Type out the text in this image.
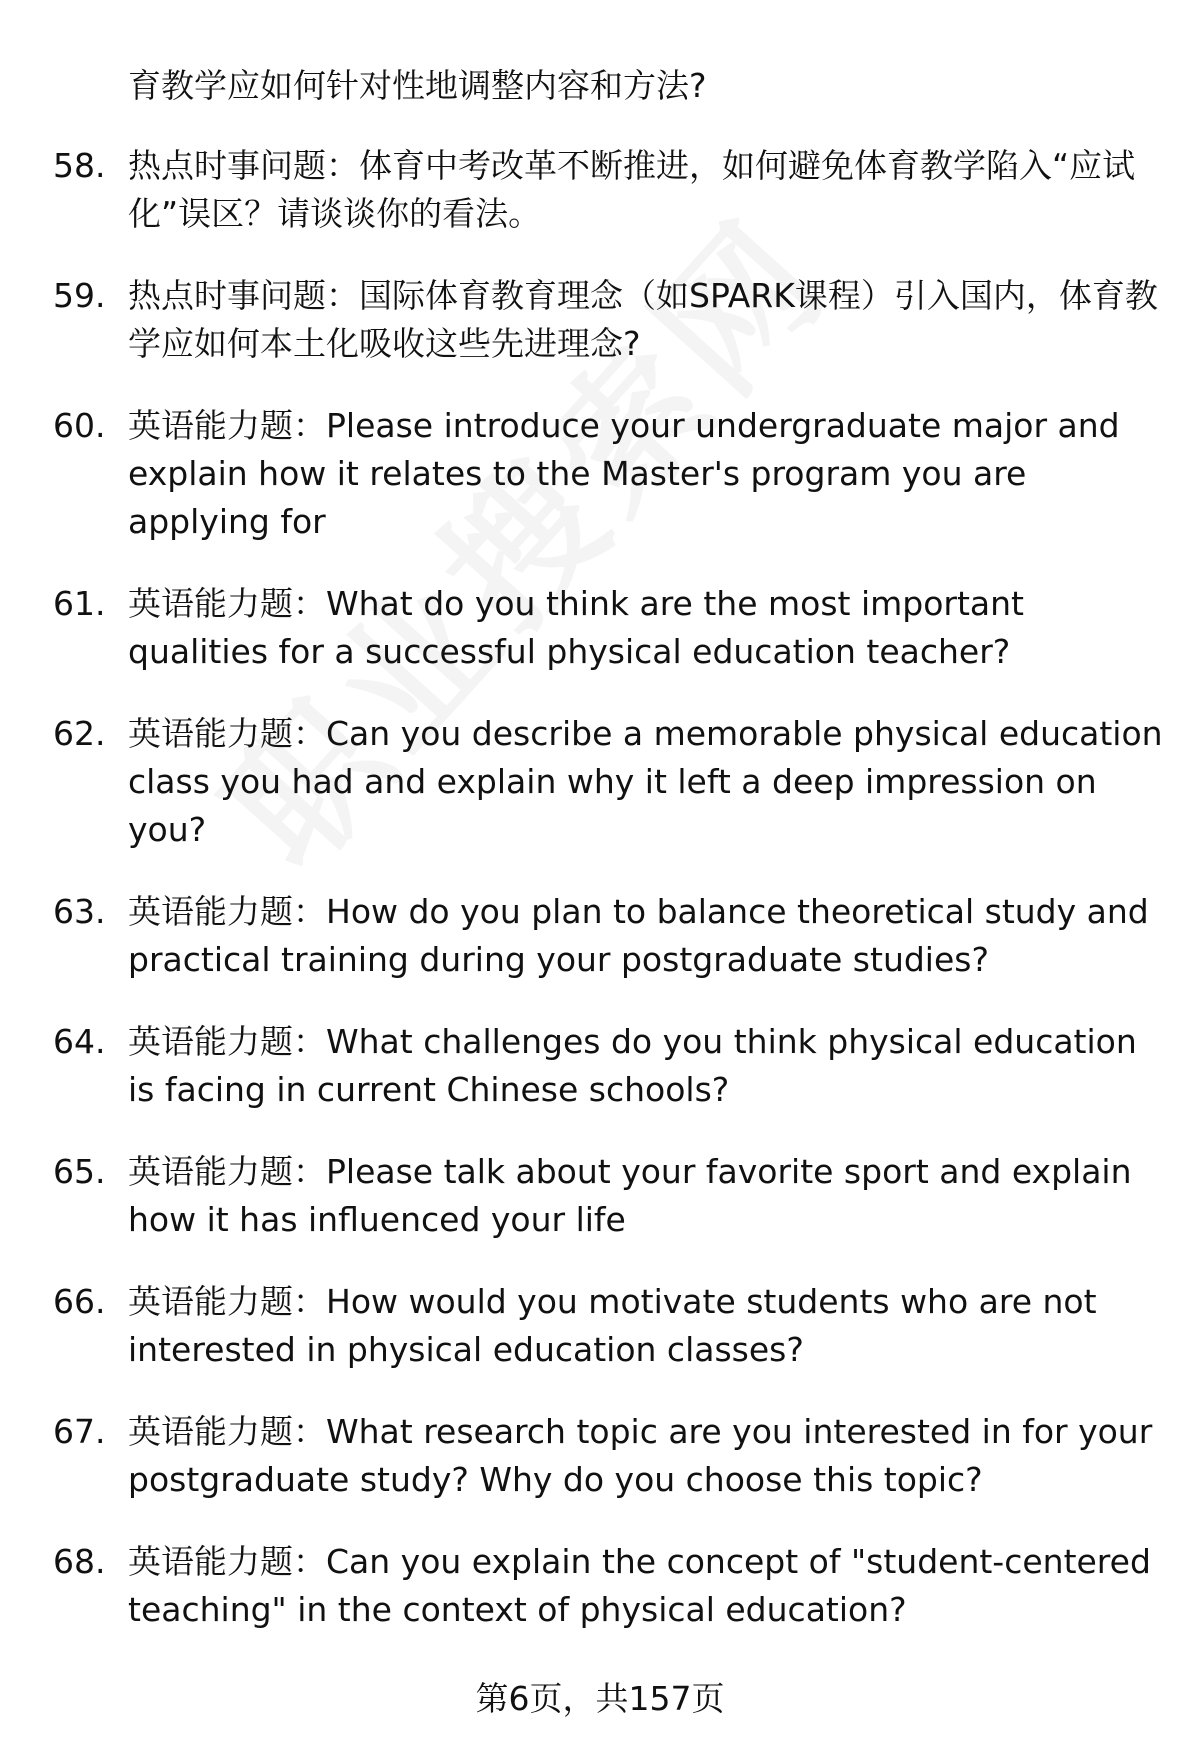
育教学应如何针对性地调整内容和方法?

58. 热点时事问题：体育中考改革不断推进，如何避免体育教学陷入“应试化”误区？请谈谈你的看法。
59. 热点时事问题：国际体育教育理念（如SPARK课程）引入国内，体育教学应如何本土化吸收这些先进理念?
60. 英语能力题：Please introduce your undergraduate major and explain how it relates to the Master's program you are applying for
61. 英语能力题：What do you think are the most important qualities for a successful physical education teacher?
62. 英语能力题：Can you describe a memorable physical education class you had and explain why it left a deep impression on you?
63. 英语能力题：How do you plan to balance theoretical study and practical training during your postgraduate studies?
64. 英语能力题：What challenges do you think physical education is facing in current Chinese schools?
65. 英语能力题：Please talk about your favorite sport and explain how it has influenced your life
66. 英语能力题：How would you motivate students who are not interested in physical education classes?
67. 英语能力题：What research topic are you interested in for your postgraduate study? Why do you choose this topic?
68. 英语能力题：Can you explain the concept of "student-centered teaching" in the context of physical education?
第6页，共157页
